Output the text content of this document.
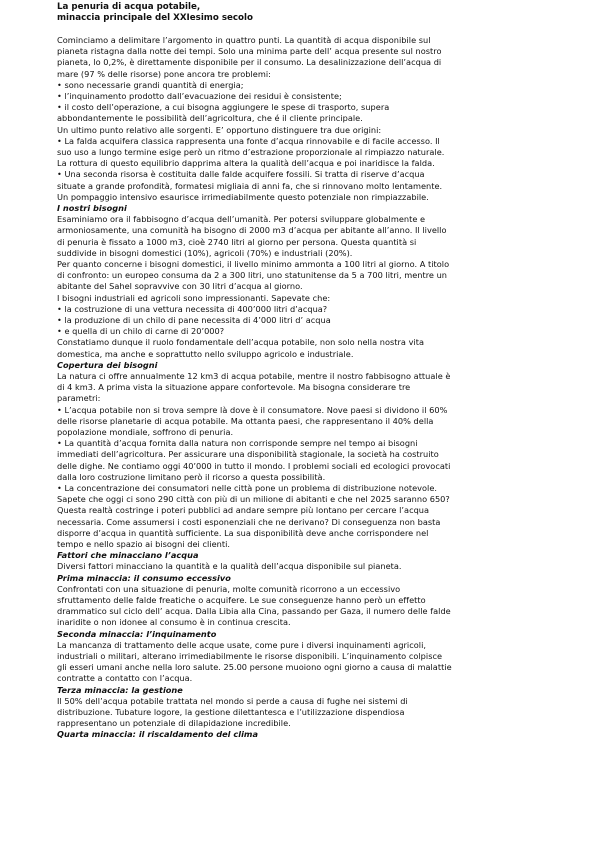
La penuria di acqua potabile,
minaccia principale del XXIesimo secolo
Cominciamo a delimitare l’argomento in quattro punti. La quantità di acqua disponibile sul
pianeta ristagna dalla notte dei tempi. Solo una minima parte dell’ acqua presente sul nostro
pianeta, lo 0,2%, è direttamente disponibile per il consumo. La desalinizzazione dell’acqua di
mare (97 % delle risorse) pone ancora tre problemi:
• sono necessarie grandi quantità di energia;
• l’inquinamento prodotto dall’evacuazione dei residui è consistente;
• il costo dell’operazione, a cui bisogna aggiungere le spese di trasporto, supera
abbondantemente le possibilità dell’agricoltura, che é il cliente principale.
Un ultimo punto relativo alle sorgenti. E’ opportuno distinguere tra due origini:
• La falda acquifera classica rappresenta una fonte d’acqua rinnovabile e di facile accesso. Il
suo uso a lungo termine esige però un ritmo d’estrazione proporzionale al rimpiazzo naturale.
La rottura di questo equilibrio dapprima altera la qualità dell’acqua e poi inaridisce la falda.
• Una seconda risorsa è costituita dalle falde acquifere fossili. Si tratta di riserve d’acqua
situate a grande profondità, formatesi migliaia di anni fa, che si rinnovano molto lentamente.
Un pompaggio intensivo esaurisce irrimediabilmente questo potenziale non rimpiazzabile.
I nostri bisogni
Esaminiamo ora il fabbisogno d’acqua dell’umanità. Per potersi sviluppare globalmente e
armoniosamente, una comunità ha bisogno di 2000 m3 d’acqua per abitante all’anno. Il livello
di penuria è fissato a 1000 m3, cioè 2740 litri al giorno per persona. Questa quantità si
suddivide in bisogni domestici (10%), agricoli (70%) e industriali (20%).
Per quanto concerne i bisogni domestici, il livello minimo ammonta a 100 litri al giorno. A titolo
di confronto: un europeo consuma da 2 a 300 litri, uno statunitense da 5 a 700 litri, mentre un
abitante del Sahel sopravvive con 30 litri d’acqua al giorno.
I bisogni industriali ed agricoli sono impressionanti. Sapevate che:
• la costruzione di una vettura necessita di 400’000 litri d’acqua?
• la produzione di un chilo di pane necessita di 4’000 litri d’ acqua
• e quella di un chilo di carne di 20’000?
Constatiamo dunque il ruolo fondamentale dell’acqua potabile, non solo nella nostra vita
domestica, ma anche e soprattutto nello sviluppo agricolo e industriale.
Copertura dei bisogni
La natura ci offre annualmente 12 km3 di acqua potabile, mentre il nostro fabbisogno attuale è
di 4 km3. A prima vista la situazione appare confortevole. Ma bisogna considerare tre
parametri:
• L’acqua potabile non si trova sempre là dove è il consumatore. Nove paesi si dividono il 60%
delle risorse planetarie di acqua potabile. Ma ottanta paesi, che rappresentano il 40% della
popolazione mondiale, soffrono di penuria.
• La quantità d’acqua fornita dalla natura non corrisponde sempre nel tempo ai bisogni
immediati dell’agricoltura. Per assicurare una disponibilità stagionale, la società ha costruito
delle dighe. Ne contiamo oggi 40’000 in tutto il mondo. I problemi sociali ed ecologici provocati
dalla loro costruzione limitano però il ricorso a questa possibilità.
• La concentrazione dei consumatori nelle città pone un problema di distribuzione notevole.
Sapete che oggi ci sono 290 città con più di un milione di abitanti e che nel 2025 saranno 650?
Questa realtà costringe i poteri pubblici ad andare sempre più lontano per cercare l’acqua
necessaria. Come assumersi i costi esponenziali che ne derivano? Di conseguenza non basta
disporre d’acqua in quantità sufficiente. La sua disponibilità deve anche corrispondere nel
tempo e nello spazio ai bisogni dei clienti.
Fattori che minacciano l’acqua
Diversi fattori minacciano la quantità e la qualità dell’acqua disponibile sul pianeta.
Prima minaccia: il consumo eccessivo
Confrontati con una situazione di penuria, molte comunità ricorrono a un eccessivo
sfruttamento delle falde freatiche o acquifere. Le sue conseguenze hanno però un effetto
drammatico sul ciclo dell’ acqua. Dalla Libia alla Cina, passando per Gaza, il numero delle falde
inaridite o non idonee al consumo è in continua crescita.
Seconda minaccia: l’inquinamento
La mancanza di trattamento delle acque usate, come pure i diversi inquinamenti agricoli,
industriali o militari, alterano irrimediabilmente le risorse disponibili. L’inquinamento colpisce
gli esseri umani anche nella loro salute. 25.00 persone muoiono ogni giorno a causa di malattie
contratte a contatto con l’acqua.
Terza minaccia: la gestione
Il 50% dell’acqua potabile trattata nel mondo si perde a causa di fughe nei sistemi di
distribuzione. Tubature logore, la gestione dilettantesca e l’utilizzazione dispendiosa
rappresentano un potenziale di dilapidazione incredibile.
Quarta minaccia: il riscaldamento del clima
